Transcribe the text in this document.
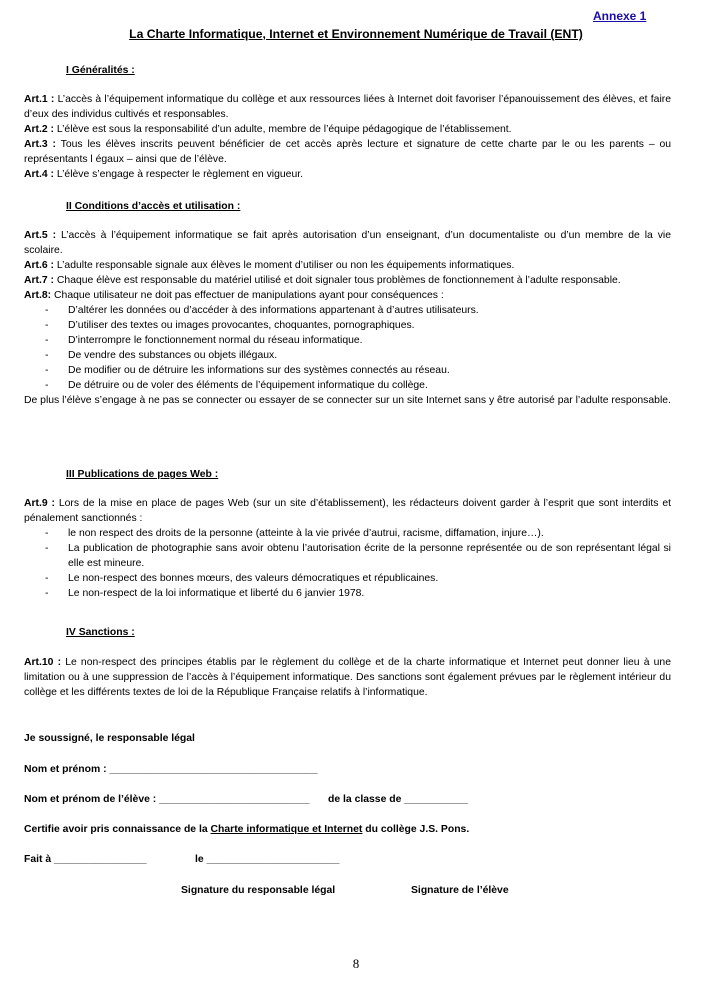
Annexe 1
La Charte Informatique, Internet et Environnement Numérique de Travail (ENT)
I Généralités :

Art.1 : L’accès à l’équipement informatique du collège et aux ressources liées à Internet doit favoriser l’épanouissement des élèves, et faire d’eux des individus cultivés et responsables.

Art.2 : L’élève est sous la responsabilité d’un adulte, membre de l’équipe pédagogique de l’établissement.

Art.3 : Tous les élèves inscrits peuvent bénéficier de cet accès après lecture et signature de cette charte par le ou les parents – ou représentants l égaux – ainsi que de l’élève.

Art.4 : L’élève s’engage à respecter le règlement en vigueur.

II Conditions d’accès et utilisation :

Art.5 : L’accès à l’équipement informatique se fait après autorisation d’un enseignant, d’un documentaliste ou d’un membre de la vie scolaire.

Art.6 : L’adulte responsable signale aux élèves le moment d’utiliser ou non les équipements informatiques.

Art.7 : Chaque élève est responsable du matériel utilisé et doit signaler tous problèmes de fonctionnement à l’adulte responsable.

Art.8: Chaque utilisateur ne doit pas effectuer de manipulations ayant pour conséquences :

- D’altérer les données ou d’accéder à des informations appartenant à d’autres utilisateurs.
- D’utiliser des textes ou images provocantes, choquantes, pornographiques.
- D’interrompre le fonctionnement normal du réseau informatique.
- De vendre des substances ou objets illégaux.
- De modifier ou de détruire les informations sur des systèmes connectés au réseau.
- De détruire ou de voler des éléments de l’équipement informatique du collège.

De plus l’élève s’engage à ne pas se connecter ou essayer de se connecter sur un site Internet sans y être autorisé par l’adulte responsable.

III Publications de pages Web :

Art.9 : Lors de la mise en place de pages Web (sur un site d’établissement), les rédacteurs doivent garder à l’esprit que sont interdits et pénalement sanctionnés :

- le non respect des droits de la personne (atteinte à la vie privée d’autrui, racisme, diffamation, injure…).
- La publication de photographie sans avoir obtenu l’autorisation écrite de la personne représentée ou de son représentant légal si elle est mineure.
- Le non-respect des bonnes mœurs, des valeurs démocratiques et républicaines.
- Le non-respect de la loi informatique et liberté du 6 janvier 1978.
IV Sanctions :

Art.10 : Le non-respect des principes établis par le règlement du collège et de la charte informatique et Internet peut donner lieu à une limitation ou à une suppression de l’accès à l’équipement informatique. Des sanctions sont également prévues par le règlement intérieur du collège et les différents textes de loi de la République Française relatifs à l’informatique.

Je soussigné, le responsable légal
Nom et prénom : ____________________________________
Nom et prénom de l’élève : __________________________ de la classe de ___________
Certifie avoir pris connaissance de la Charte informatique et Internet du collège J.S. Pons.
Fait à ________________	le _______________________
Signature du responsable légal	Signature de l’élève
8
